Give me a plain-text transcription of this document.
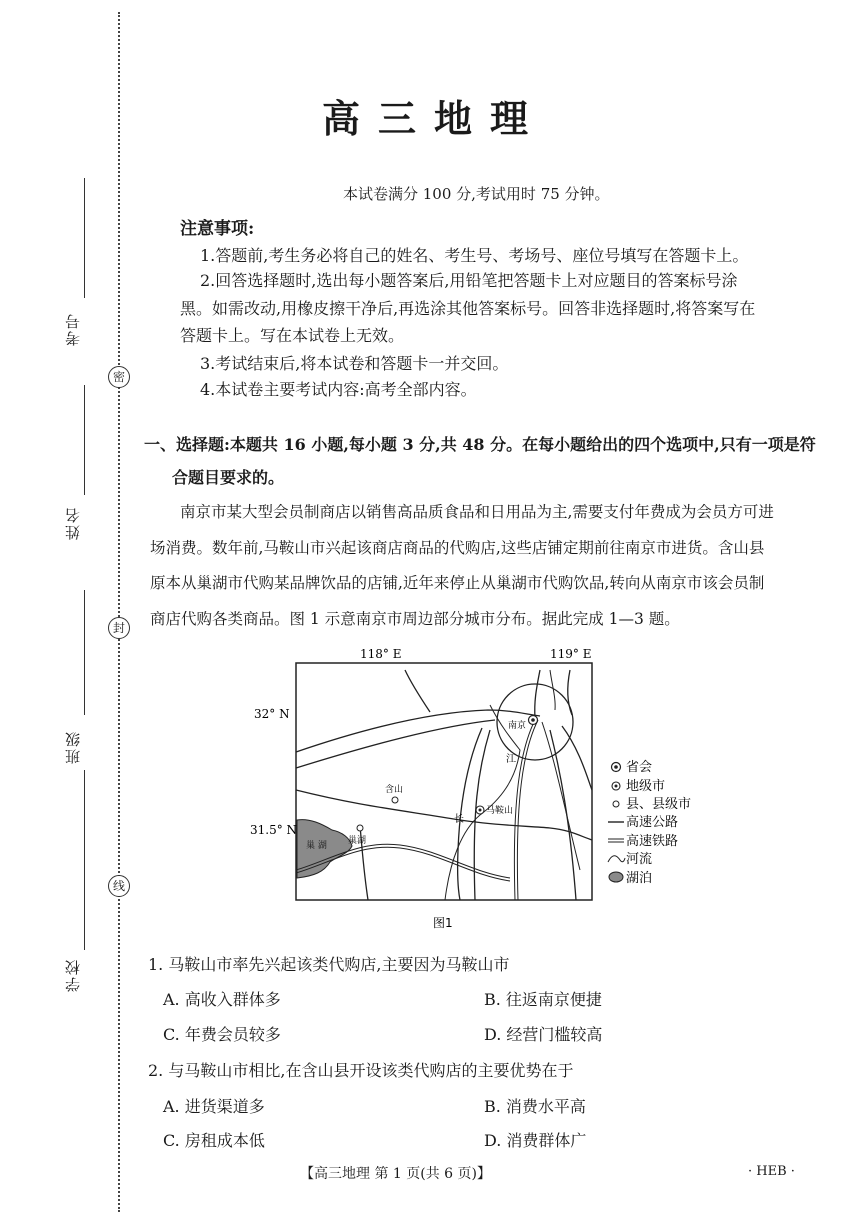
考号
姓名
班级
学校
密
封
线
高三地理
本试卷满分 100 分,考试用时 75 分钟。
注意事项:
1.答题前,考生务必将自己的姓名、考生号、考场号、座位号填写在答题卡上。
2.回答选择题时,选出每小题答案后,用铅笔把答题卡上对应题目的答案标号涂
黑。如需改动,用橡皮擦干净后,再选涂其他答案标号。回答非选择题时,将答案写在
答题卡上。写在本试卷上无效。
3.考试结束后,将本试卷和答题卡一并交回。
4.本试卷主要考试内容:高考全部内容。
一、选择题:本题共 16 小题,每小题 3 分,共 48 分。在每小题给出的四个选项中,只有一项是符
合题目要求的。
南京市某大型会员制商店以销售高品质食品和日用品为主,需要支付年费成为会员方可进
场消费。数年前,马鞍山市兴起该商店商品的代购店,这些店铺定期前往南京市进货。含山县
原本从巢湖市代购某品牌饮品的店铺,近年来停止从巢湖市代购饮品,转向从南京市该会员制
商店代购各类商品。图 1 示意南京市周边部分城市分布。据此完成 1—3 题。
118° E	119° E
32° N
31.5° N
南京
马鞍山
含山
巢湖
巢 湖
江
长
图1
省会
地级市
县、县级市
高速公路
高速铁路
河流
湖泊
1. 马鞍山市率先兴起该类代购店,主要因为马鞍山市
A. 高收入群体多	B. 往返南京便捷
C. 年费会员较多	D. 经营门槛较高
2. 与马鞍山市相比,在含山县开设该类代购店的主要优势在于
A. 进货渠道多	B. 消费水平高
C. 房租成本低	D. 消费群体广
【高三地理 第 1 页(共 6 页)】	· HEB ·
